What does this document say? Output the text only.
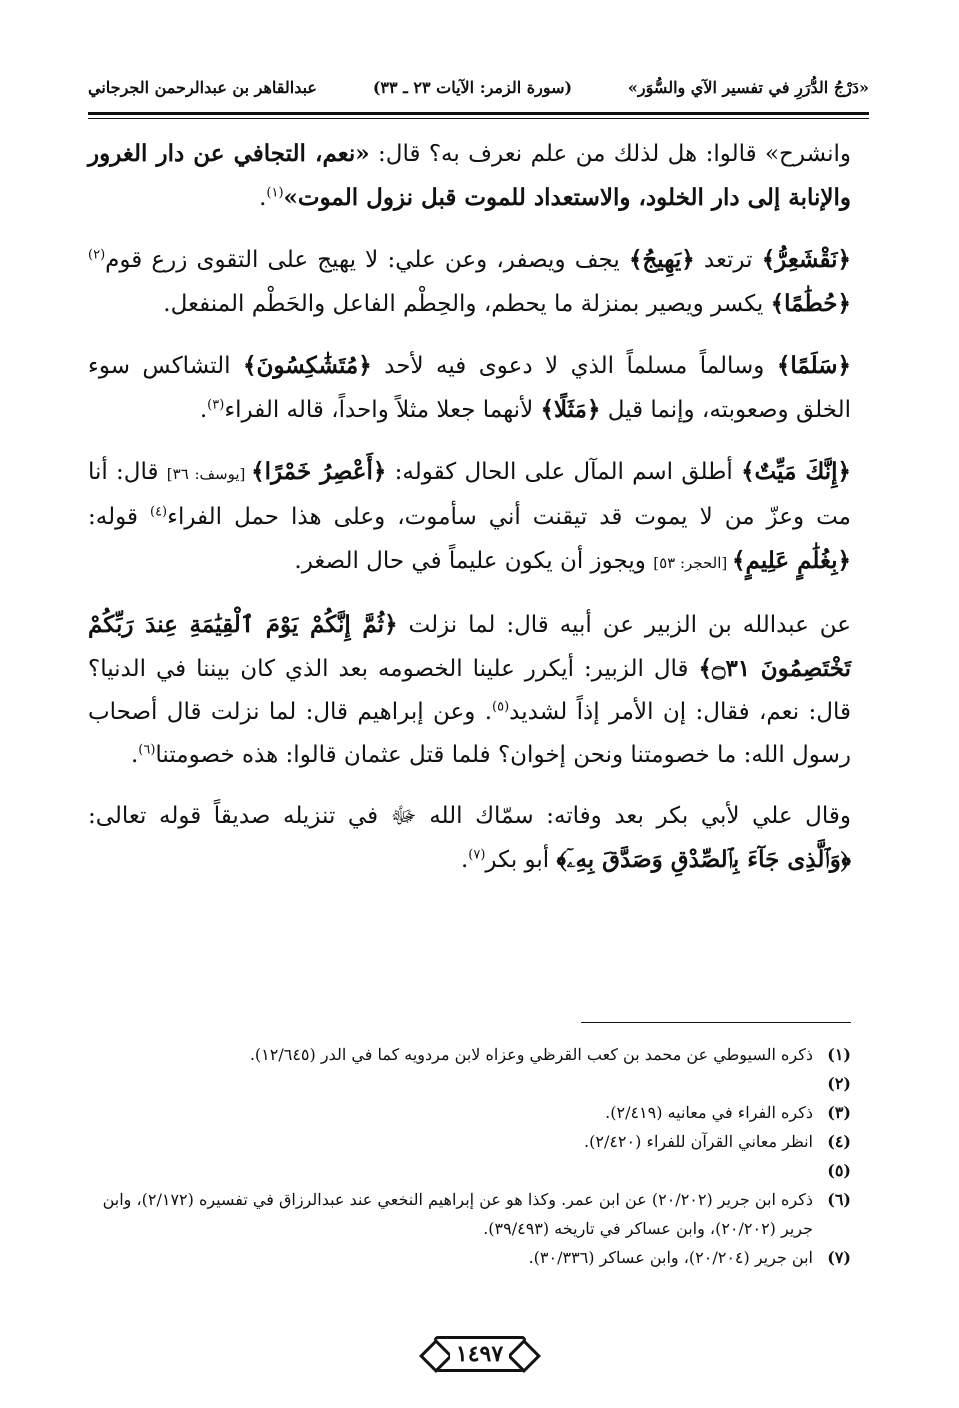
«دَرْجُ الدُّرَرِ في تفسير الآي والسُّوَر»
(سورة الزمر: الآيات ٢٣ ـ ٣٣)
عبدالقاهر بن عبدالرحمن الجرجاني

وانشرح» قالوا: هل لذلك من علم نعرف به؟ قال: «نعم، التجافي عن دار الغرور والإنابة إلى دار الخلود، والاستعداد للموت قبل نزول الموت»$^{(١)}$.

﴿نَقْشَعِرُّ﴾ ترتعد ﴿يَهِيجُ﴾ يجف ويصفر، وعن علي: لا يهيج على التقوى زرع قوم$^{(٢)}$ ﴿حُطَٰمًا﴾ يكسر ويصير بمنزلة ما يحطم، والحِطْم الفاعل والحَطْم المنفعل.

﴿سَلَمًا﴾ وسالماً مسلماً الذي لا دعوى فيه لأحد ﴿مُتَشَٰكِسُونَ﴾ التشاكس سوء الخلق وصعوبته، وإنما قيل ﴿مَثَلًا﴾ لأنهما جعلا مثلاً واحداً، قاله الفراء$^{(٣)}$.

﴿إِنَّكَ مَيِّتٌ﴾ أطلق اسم المآل على الحال كقوله: ﴿أَعْصِرُ خَمْرًا﴾ [يوسف: ٣٦] قال: أنا مت وعزّ من لا يموت قد تيقنت أني سأموت، وعلى هذا حمل الفراء$^{(٤)}$ قوله: ﴿بِغُلَٰمٍ عَلِيمٍ﴾ [الحجر: ٥٣] ويجوز أن يكون عليماً في حال الصغر.

عن عبدالله بن الزبير عن أبيه قال: لما نزلت ﴿ثُمَّ إِنَّكُمْ يَوْمَ ٱلْقِيَٰمَةِ عِندَ رَبِّكُمْ تَخْتَصِمُونَ ۝٣١﴾ قال الزبير: أيكرر علينا الخصومه بعد الذي كان بيننا في الدنيا؟ قال: نعم، فقال: إن الأمر إذاً لشديد$^{(٥)}$. وعن إبراهيم قال: لما نزلت قال أصحاب رسول الله: ما خصومتنا ونحن إخوان؟ فلما قتل عثمان قالوا: هذه خصومتنا$^{(٦)}$.

وقال علي لأبي بكر بعد وفاته: سمّاك الله ﷻ في تنزيله صديقاً قوله تعالى: ﴿وَٱلَّذِى جَآءَ بِٱلصِّدْقِ وَصَدَّقَ بِهِۦٓ﴾ أبو بكر$^{(٧)}$.

(١)
ذكره السيوطي عن محمد بن كعب القرظي وعزاه لابن مردويه كما في الدر (١٢/٦٤٥).
(٢)
(٣)
ذكره الفراء في معانيه (٢/٤١٩).
(٤)
انظر معاني القرآن للفراء (٢/٤٢٠).
(٥)
(٦)
ذكره ابن جرير (٢٠/٢٠٢) عن ابن عمر. وكذا هو عن إبراهيم النخعي عند عبدالرزاق في تفسيره (٢/١٧٢)، وابن جرير (٢٠/٢٠٢)، وابن عساكر في تاريخه (٣٩/٤٩٣).
(٧)
ابن جرير (٢٠/٢٠٤)، وابن عساكر (٣٠/٣٣٦).
١٤٩٧
